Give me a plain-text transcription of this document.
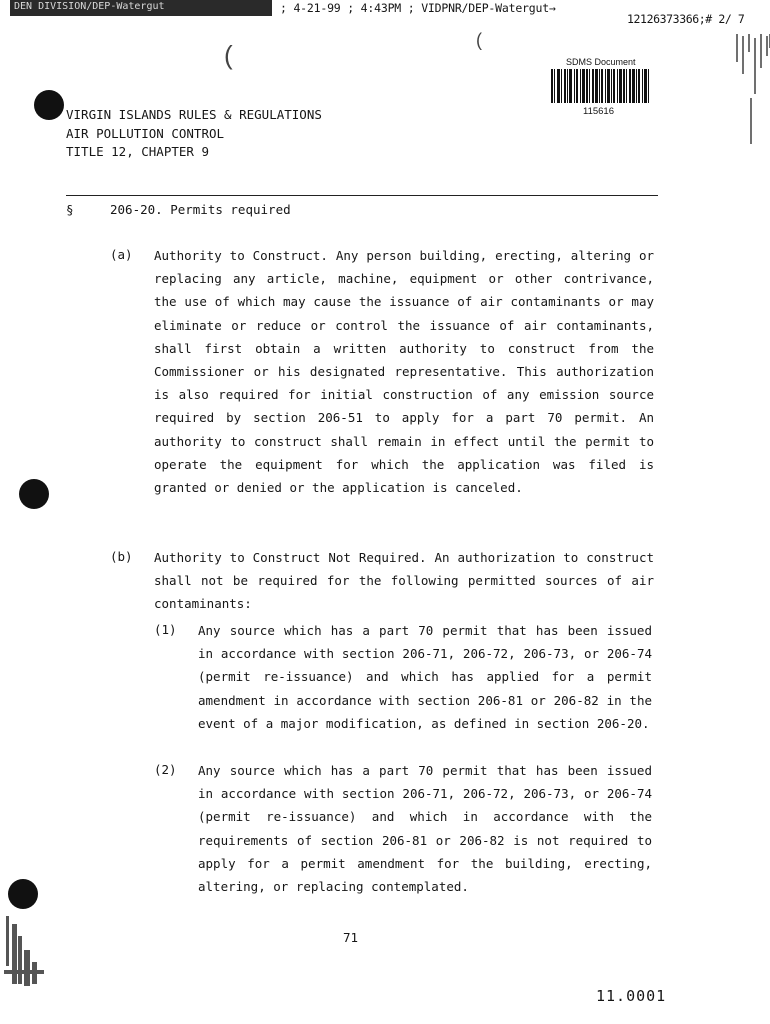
DEN DIVISION/DEP-Watergut	; 4-21-99 ; 4:43PM ; VIDPNR/DEP-Watergut→
12126373366;# 2/ 7
(	(
SDMS Document
115616
VIRGIN ISLANDS RULES & REGULATIONS
AIR POLLUTION CONTROL
TITLE 12, CHAPTER 9
§	206-20. Permits required
(a) Authority to Construct. Any person building, erecting, altering or replacing any article, machine, equipment or other contrivance, the use of which may cause the issuance of air contaminants or may eliminate or reduce or control the issuance of air contaminants, shall first obtain a written authority to construct from the Commissioner or his designated representative. This authorization is also required for initial construction of any emission source required by section 206-51 to apply for a part 70 permit. An authority to construct shall remain in effect until the permit to operate the equipment for which the application was filed is granted or denied or the application is canceled.
(b) Authority to Construct Not Required. An authorization to construct shall not be required for the following permitted sources of air contaminants:
(1) Any source which has a part 70 permit that has been issued in accordance with section 206-71, 206-72, 206-73, or 206-74 (permit re-issuance) and which has applied for a permit amendment in accordance with section 206-81 or 206-82 in the event of a major modification, as defined in section 206-20.
(2) Any source which has a part 70 permit that has been issued in accordance with section 206-71, 206-72, 206-73, or 206-74 (permit re-issuance) and which in accordance with the requirements of section 206-81 or 206-82 is not required to apply for a permit amendment for the building, erecting, altering, or replacing contemplated.
71
11.0001
